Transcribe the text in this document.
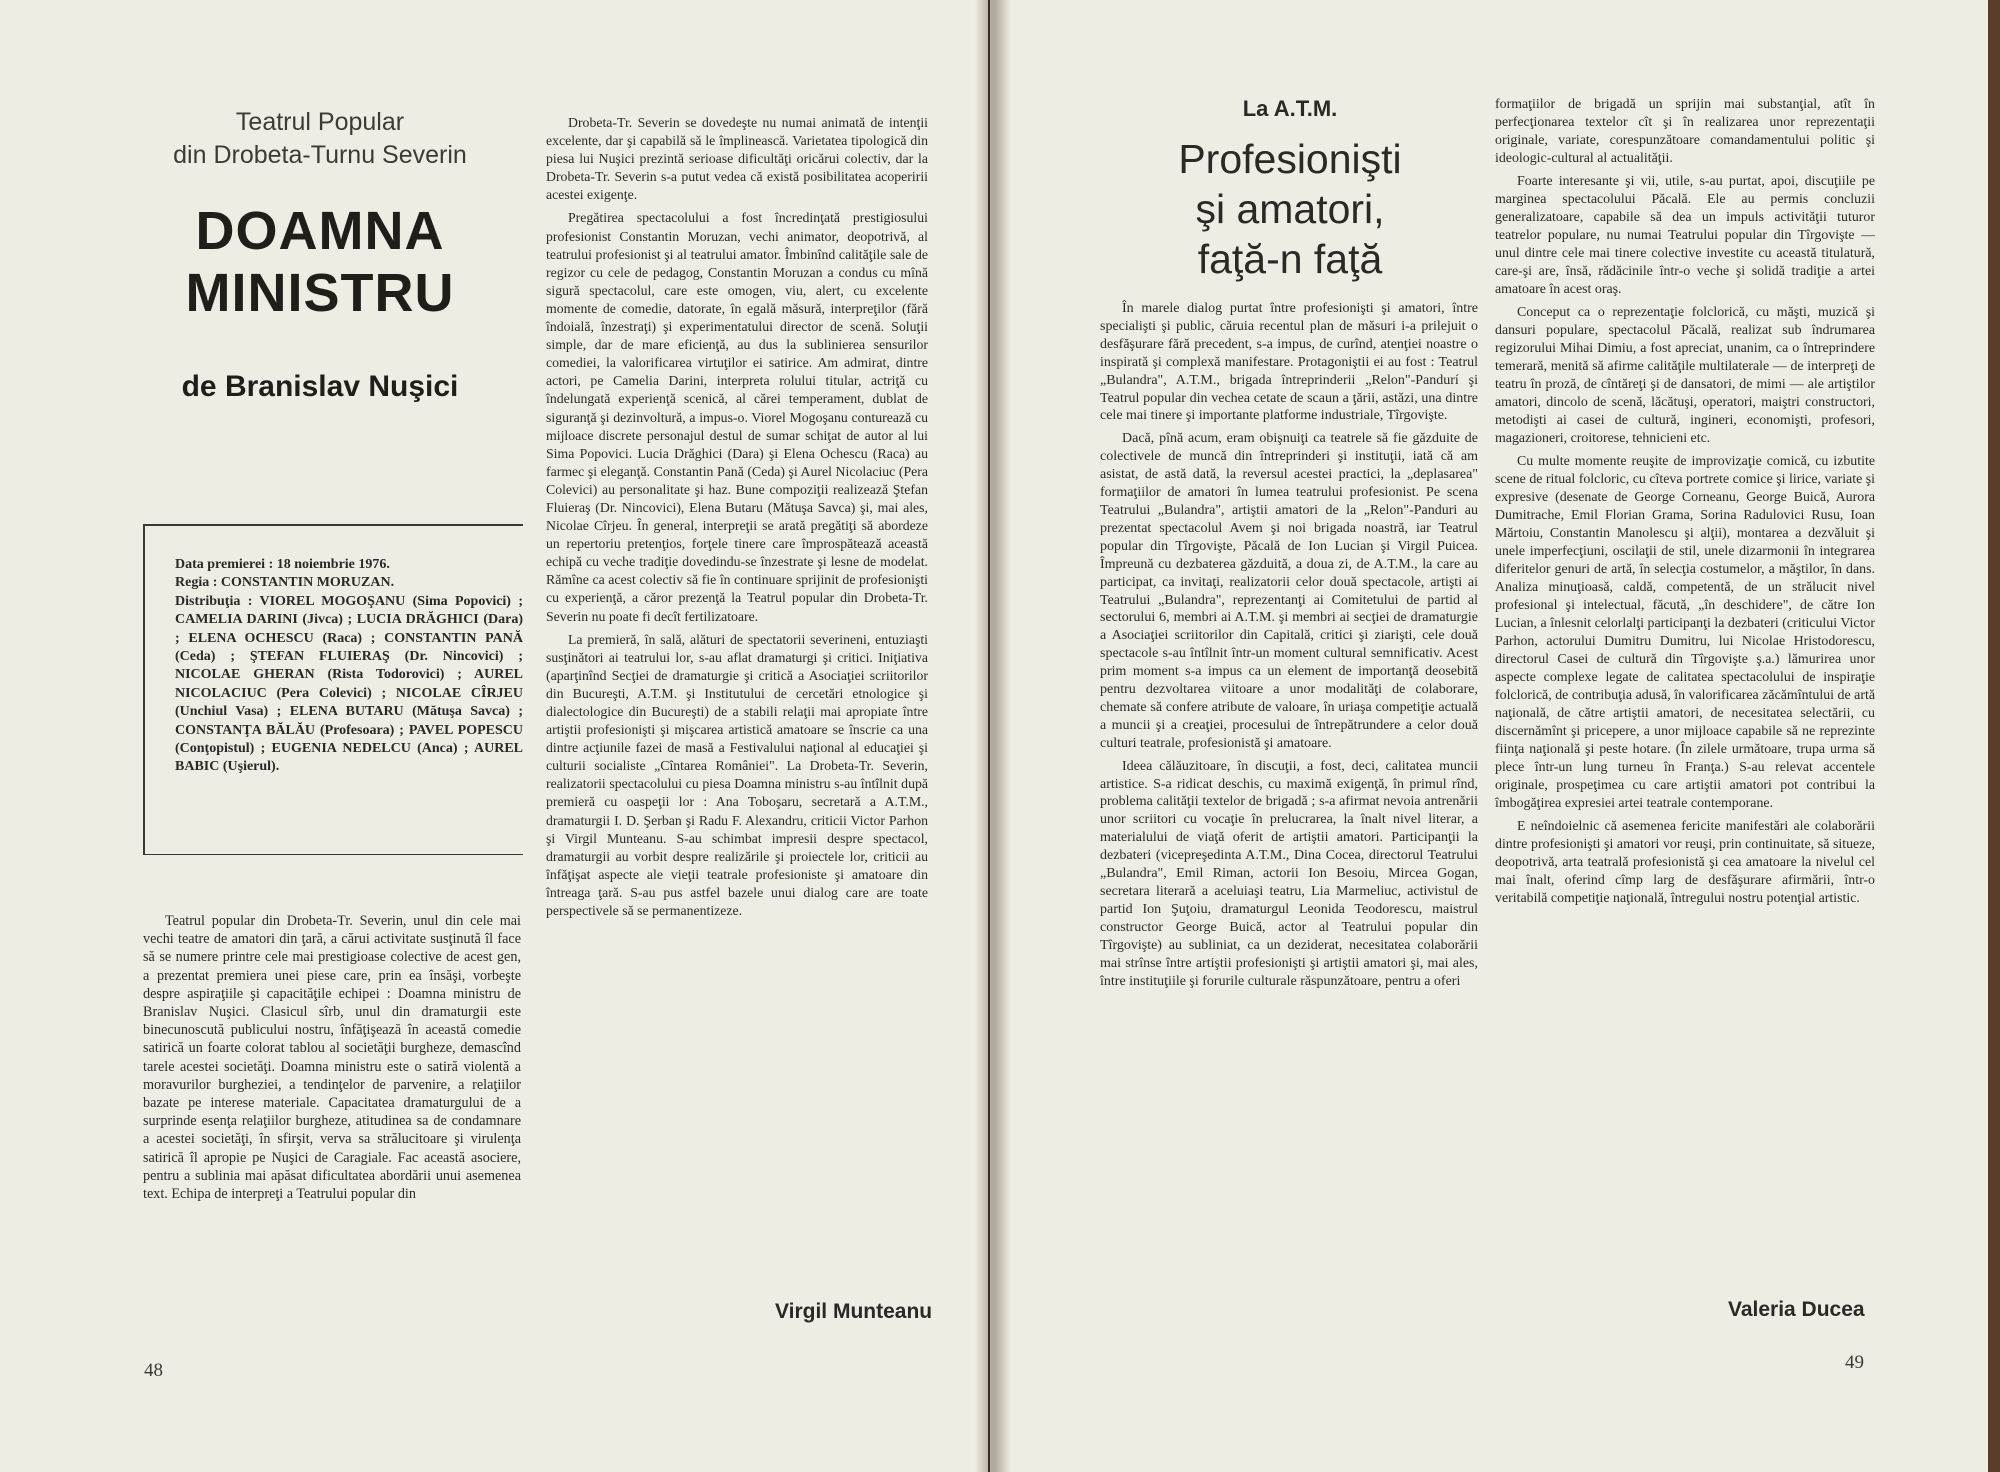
Teatrul Popular
din Drobeta-Turnu Severin
DOAMNA
MINISTRU
de Branislav Nuşici
Data premierei : 18 noiembrie 1976.
Regia : CONSTANTIN MORUZAN.
Distribuţia : VIOREL MOGOŞANU (Sima Popovici) ; CAMELIA DARINI (Jivca) ; LUCIA DRĂGHICI (Dara) ; ELENA OCHESCU (Raca) ; CONSTANTIN PANĂ (Ceda) ; ŞTEFAN FLUIERAŞ (Dr. Nincovici) ; NICOLAE GHERAN (Rista Todorovici) ; AUREL NICOLACIUC (Pera Colevici) ; NICOLAE CÎRJEU (Unchiul Vasa) ; ELENA BUTARU (Mătuşa Savca) ; CONSTANŢA BĂLĂU (Profesoara) ; PAVEL POPESCU (Conţopistul) ; EUGENIA NEDELCU (Anca) ; AUREL BABIC (Uşierul).

Teatrul popular din Drobeta-Tr. Severin, unul din cele mai vechi teatre de amatori din ţară, a cărui activitate susţinută îl face să se numere printre cele mai prestigioase colective de acest gen, a prezentat premiera unei piese care, prin ea însăşi, vorbeşte despre aspiraţiile şi capacităţile echipei : Doamna ministru de Branislav Nuşici. Clasicul sîrb, unul din dramaturgii este binecunoscută publicului nostru, înfăţişează în această comedie satirică un foarte colorat tablou al societăţii burgheze, demascînd tarele acestei societăţi. Doamna ministru este o satiră violentă a moravurilor burgheziei, a tendinţelor de parvenire, a relaţiilor bazate pe interese materiale. Capacitatea dramaturgului de a surprinde esenţa relaţiilor burgheze, atitudinea sa de condamnare a acestei societăţi, în sfirşit, verva sa strălucitoare şi virulenţa satirică îl apropie pe Nuşici de Caragiale. Fac această asociere, pentru a sublinia mai apăsat dificultatea abordării unui asemenea text. Echipa de interpreţi a Teatrului popular din

Drobeta-Tr. Severin se dovedeşte nu numai animată de intenţii excelente, dar şi capabilă să le împlinească. Varietatea tipologică din piesa lui Nuşici prezintă serioase dificultăţi oricărui colectiv, dar la Drobeta-Tr. Severin s-a putut vedea că există posibilitatea acoperirii acestei exigenţe.

Pregătirea spectacolului a fost încredinţată prestigiosului profesionist Constantin Moruzan, vechi animator, deopotrivă, al teatrului profesionist şi al teatrului amator. Îmbinînd calităţile sale de regizor cu cele de pedagog, Constantin Moruzan a condus cu mînă sigură spectacolul, care este omogen, viu, alert, cu excelente momente de comedie, datorate, în egală măsură, interpreţilor (fără îndoială, înzestraţi) şi experimentatului director de scenă. Soluţii simple, dar de mare eficienţă, au dus la sublinierea sensurilor comediei, la valorificarea virtuţilor ei satirice. Am admirat, dintre actori, pe Camelia Darini, interpreta rolului titular, actriţă cu îndelungată experienţă scenică, al cărei temperament, dublat de siguranţă şi dezinvoltură, a impus-o. Viorel Mogoşanu conturează cu mijloace discrete personajul destul de sumar schiţat de autor al lui Sima Popovici. Lucia Drăghici (Dara) şi Elena Ochescu (Raca) au farmec şi eleganţă. Constantin Pană (Ceda) şi Aurel Nicolaciuc (Pera Colevici) au personalitate şi haz. Bune compoziţii realizează Ştefan Fluieraş (Dr. Nincovici), Elena Butaru (Mătuşa Savca) şi, mai ales, Nicolae Cîrjeu. În general, interpreţii se arată pregătiţi să abordeze un repertoriu pretenţios, forţele tinere care împrospătează această echipă cu veche tradiţie dovedindu-se înzestrate şi lesne de modelat. Rămîne ca acest colectiv să fie în continuare sprijinit de profesionişti cu experienţă, a căror prezenţă la Teatrul popular din Drobeta-Tr. Severin nu poate fi decît fertilizatoare.

La premieră, în sală, alături de spectatorii severineni, entuziaşti susţinători ai teatrului lor, s-au aflat dramaturgi şi critici. Iniţiativa (aparţinînd Secţiei de dramaturgie şi critică a Asociaţiei scriitorilor din Bucureşti, A.T.M. şi Institutului de cercetări etnologice şi dialectologice din Bucureşti) de a stabili relaţii mai apropiate între artiştii profesionişti şi mişcarea artistică amatoare se înscrie ca una dintre acţiunile fazei de masă a Festivalului naţional al educaţiei şi culturii socialiste „Cîntarea României". La Drobeta-Tr. Severin, realizatorii spectacolului cu piesa Doamna ministru s-au întîlnit după premieră cu oaspeţii lor : Ana Toboşaru, secretară a A.T.M., dramaturgii I. D. Şerban şi Radu F. Alexandru, criticii Victor Parhon şi Virgil Munteanu. S-au schimbat impresii despre spectacol, dramaturgii au vorbit despre realizările şi proiectele lor, criticii au înfăţişat aspecte ale vieţii teatrale profesioniste şi amatoare din întreaga ţară. S-au pus astfel bazele unui dialog care are toate perspectivele să se permanentizeze.

Virgil Munteanu
48
La A.T.M.
Profesionişti
şi amatori,
faţă-n faţă

În marele dialog purtat între profesionişti şi amatori, între specialişti şi public, căruia recentul plan de măsuri i-a prilejuit o desfăşurare fără precedent, s-a impus, de curînd, atenţiei noastre o inspirată şi complexă manifestare. Protagoniştii ei au fost : Teatrul „Bulandra", A.T.M., brigada întreprinderii „Relon"-Pandurí şi Teatrul popular din vechea cetate de scaun a ţării, astăzi, una dintre cele mai tinere şi importante platforme industriale, Tîrgovişte.

Dacă, pînă acum, eram obişnuiţi ca teatrele să fie găzduite de colectivele de muncă din întreprinderi şi instituţii, iată că am asistat, de astă dată, la reversul acestei practici, la „deplasarea" formaţiilor de amatori în lumea teatrului profesionist. Pe scena Teatrului „Bulandra", artiştii amatori de la „Relon"-Panduri au prezentat spectacolul Avem şi noi brigada noastră, iar Teatrul popular din Tîrgovişte, Păcală de Ion Lucian şi Virgil Puicea. Împreună cu dezbaterea găzduită, a doua zi, de A.T.M., la care au participat, ca invitaţi, realizatorii celor două spectacole, artişti ai Teatrului „Bulandra", reprezentanţi ai Comitetului de partid al sectorului 6, membri ai A.T.M. şi membri ai secţiei de dramaturgie a Asociaţiei scriitorilor din Capitală, critici şi ziarişti, cele două spectacole s-au întîlnit într-un moment cultural semnificativ. Acest prim moment s-a impus ca un element de importanţă deosebită pentru dezvoltarea viitoare a unor modalităţi de colaborare, chemate să confere atribute de valoare, în uriaşa competiţie actuală a muncii şi a creaţiei, procesului de întrepătrundere a celor două culturi teatrale, profesionistă şi amatoare.

Ideea călăuzitoare, în discuţii, a fost, deci, calitatea muncii artistice. S-a ridicat deschis, cu maximă exigenţă, în primul rînd, problema calităţii textelor de brigadă ; s-a afirmat nevoia antrenării unor scriitori cu vocaţie în prelucrarea, la înalt nivel literar, a materialului de viaţă oferit de artiştii amatori. Participanţii la dezbateri (vicepreşedinta A.T.M., Dina Cocea, directorul Teatrului „Bulandra", Emil Riman, actorii Ion Besoiu, Mircea Gogan, secretara literară a aceluiaşi teatru, Lia Marmeliuc, activistul de partid Ion Şuţoiu, dramaturgul Leonida Teodorescu, maistrul constructor George Buică, actor al Teatrului popular din Tîrgovişte) au subliniat, ca un deziderat, necesitatea colaborării mai strînse între artiştii profesionişti şi artiştii amatori şi, mai ales, între instituţiile şi forurile culturale răspunzătoare, pentru a oferi

formaţiilor de brigadă un sprijin mai substanţial, atît în perfecţionarea textelor cît şi în realizarea unor reprezentaţii originale, variate, corespunzătoare comandamentului politic şi ideologic-cultural al actualităţii.

Foarte interesante şi vii, utile, s-au purtat, apoi, discuţiile pe marginea spectacolului Păcală. Ele au permis concluzii generalizatoare, capabile să dea un impuls activităţii tuturor teatrelor populare, nu numai Teatrului popular din Tîrgovişte — unul dintre cele mai tinere colective investite cu această titulatură, care-şi are, însă, rădăcinile într-o veche şi solidă tradiţie a artei amatoare în acest oraş.

Conceput ca o reprezentaţie folclorică, cu măşti, muzică şi dansuri populare, spectacolul Păcală, realizat sub îndrumarea regizorului Mihai Dimiu, a fost apreciat, unanim, ca o întreprindere temerară, menită să afirme calităţile multilaterale — de interpreţi de teatru în proză, de cîntăreţi şi de dansatori, de mimi — ale artiştilor amatori, dincolo de scenă, lăcătuşi, operatori, maiştri constructori, metodişti ai casei de cultură, ingineri, economişti, profesori, magazioneri, croitorese, tehnicieni etc.

Cu multe momente reuşite de improvizaţie comică, cu izbutite scene de ritual folcloric, cu cîteva portrete comice şi lirice, variate şi expresive (desenate de George Corneanu, George Buică, Aurora Dumitrache, Emil Florian Grama, Sorina Radulovici Rusu, Ioan Mărtoiu, Constantin Manolescu şi alţii), montarea a dezvăluit şi unele imperfecţiuni, oscilaţii de stil, unele dizarmonii în integrarea diferitelor genuri de artă, în selecţia costumelor, a măştilor, în dans. Analiza minuţioasă, caldă, competentă, de un strălucit nivel profesional şi intelectual, făcută, „în deschidere", de către Ion Lucian, a înlesnit celorlalţi participanţi la dezbateri (criticului Victor Parhon, actorului Dumitru Dumitru, lui Nicolae Hristodorescu, directorul Casei de cultură din Tîrgovişte ş.a.) lămurirea unor aspecte complexe legate de calitatea spectacolului de inspiraţie folclorică, de contribuţia adusă, în valorificarea zăcămîntului de artă naţională, de către artiştii amatori, de necesitatea selectării, cu discernămînt şi pricepere, a unor mijloace capabile să ne reprezinte fiinţa naţională şi peste hotare. (În zilele următoare, trupa urma să plece într-un lung turneu în Franţa.) S-au relevat accentele originale, prospeţimea cu care artiştii amatori pot contribui la îmbogăţirea expresiei artei teatrale contemporane.

E neîndoielnic că asemenea fericite manifestări ale colaborării dintre profesionişti şi amatori vor reuşi, prin continuitate, să situeze, deopotrivă, arta teatrală profesionistă şi cea amatoare la nivelul cel mai înalt, oferind cîmp larg de desfăşurare afirmării, într-o veritabilă competiţie naţională, întregului nostru potenţial artistic.

Valeria Ducea
49
